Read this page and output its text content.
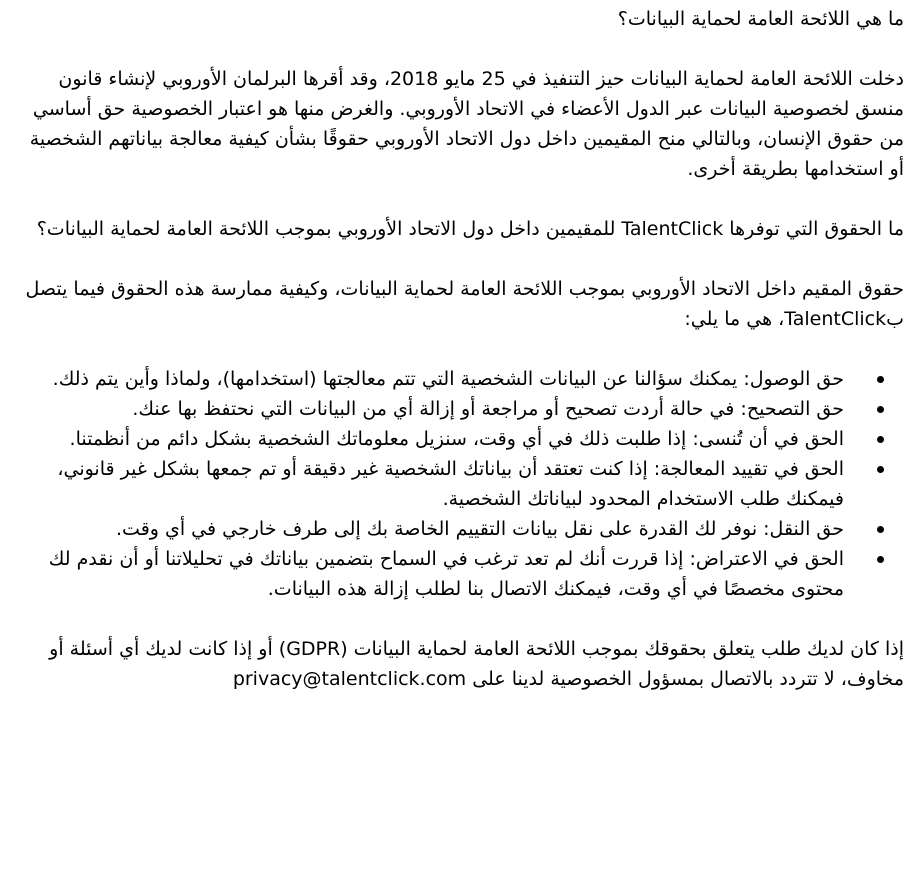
ما هي اللائحة العامة لحماية البيانات؟

دخلت اللائحة العامة لحماية البيانات حيز التنفيذ في 25 مايو 2018، وقد أقرها البرلمان الأوروبي لإنشاء قانون منسق لخصوصية البيانات عبر الدول الأعضاء في الاتحاد الأوروبي. والغرض منها هو اعتبار الخصوصية حق أساسي من حقوق الإنسان، وبالتالي منح المقيمين داخل دول الاتحاد الأوروبي حقوقًا بشأن كيفية معالجة بياناتهم الشخصية أو استخدامها بطريقة أخرى.

ما الحقوق التي توفرها TalentClick للمقيمين داخل دول الاتحاد الأوروبي بموجب اللائحة العامة لحماية البيانات؟

حقوق المقيم داخل الاتحاد الأوروبي بموجب اللائحة العامة لحماية البيانات، وكيفية ممارسة هذه الحقوق فيما يتصل بTalentClick، هي ما يلي:

حق الوصول: يمكنك سؤالنا عن البيانات الشخصية التي تتم معالجتها (استخدامها)، ولماذا وأين يتم ذلك.
حق التصحيح: في حالة أردت تصحيح أو مراجعة أو إزالة أي من البيانات التي نحتفظ بها عنك.
الحق في أن تُنسى: إذا طلبت ذلك في أي وقت، سنزيل معلوماتك الشخصية بشكل دائم من أنظمتنا.
الحق في تقييد المعالجة: إذا كنت تعتقد أن بياناتك الشخصية غير دقيقة أو تم جمعها بشكل غير قانوني، فيمكنك طلب الاستخدام المحدود لبياناتك الشخصية.
حق النقل: نوفر لك القدرة على نقل بيانات التقييم الخاصة بك إلى طرف خارجي في أي وقت.
الحق في الاعتراض: إذا قررت أنك لم تعد ترغب في السماح بتضمين بياناتك في تحليلاتنا أو أن نقدم لك محتوى مخصصًا في أي وقت، فيمكنك الاتصال بنا لطلب إزالة هذه البيانات.

إذا كان لديك طلب يتعلق بحقوقك بموجب اللائحة العامة لحماية البيانات (GDPR) أو إذا كانت لديك أي أسئلة أو مخاوف، لا تتردد بالاتصال بمسؤول الخصوصية لدينا على privacy@talentclick.com
